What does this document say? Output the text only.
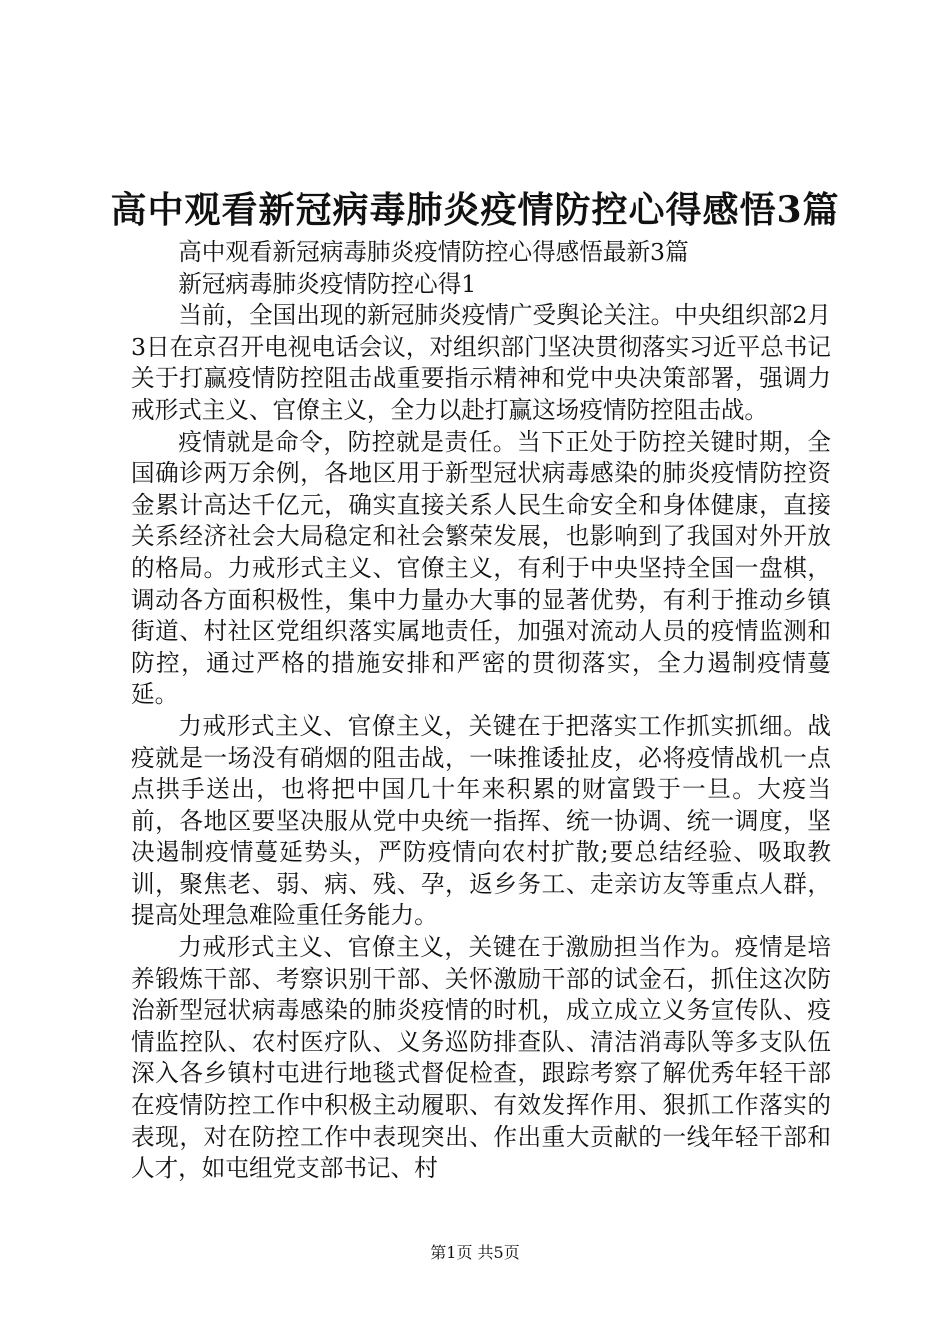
高中观看新冠病毒肺炎疫情防控心得感悟3篇

高中观看新冠病毒肺炎疫情防控心得感悟最新3篇

新冠病毒肺炎疫情防控心得1

当前，全国出现的新冠肺炎疫情广受舆论关注。中央组织部2月3日在京召开电视电话会议，对组织部门坚决贯彻落实习近平总书记关于打赢疫情防控阻击战重要指示精神和党中央决策部署，强调力戒形式主义、官僚主义，全力以赴打赢这场疫情防控阻击战。

疫情就是命令，防控就是责任。当下正处于防控关键时期，全国确诊两万余例，各地区用于新型冠状病毒感染的肺炎疫情防控资金累计高达千亿元，确实直接关系人民生命安全和身体健康，直接关系经济社会大局稳定和社会繁荣发展，也影响到了我国对外开放的格局。力戒形式主义、官僚主义，有利于中央坚持全国一盘棋，调动各方面积极性，集中力量办大事的显著优势，有利于推动乡镇街道、村社区党组织落实属地责任，加强对流动人员的疫情监测和防控，通过严格的措施安排和严密的贯彻落实，全力遏制疫情蔓延。

力戒形式主义、官僚主义，关键在于把落实工作抓实抓细。战疫就是一场没有硝烟的阻击战，一味推诿扯皮，必将疫情战机一点点拱手送出，也将把中国几十年来积累的财富毁于一旦。大疫当前，各地区要坚决服从党中央统一指挥、统一协调、统一调度，坚决遏制疫情蔓延势头，严防疫情向农村扩散;要总结经验、吸取教训，聚焦老、弱、病、残、孕，返乡务工、走亲访友等重点人群，提高处理急难险重任务能力。

力戒形式主义、官僚主义，关键在于激励担当作为。疫情是培养锻炼干部、考察识别干部、关怀激励干部的试金石，抓住这次防治新型冠状病毒感染的肺炎疫情的时机，成立成立义务宣传队、疫情监控队、农村医疗队、义务巡防排查队、清洁消毒队等多支队伍深入各乡镇村屯进行地毯式督促检查，跟踪考察了解优秀年轻干部在疫情防控工作中积极主动履职、有效发挥作用、狠抓工作落实的表现，对在防控工作中表现突出、作出重大贡献的一线年轻干部和人才，如屯组党支部书记、村

第1页 共5页
